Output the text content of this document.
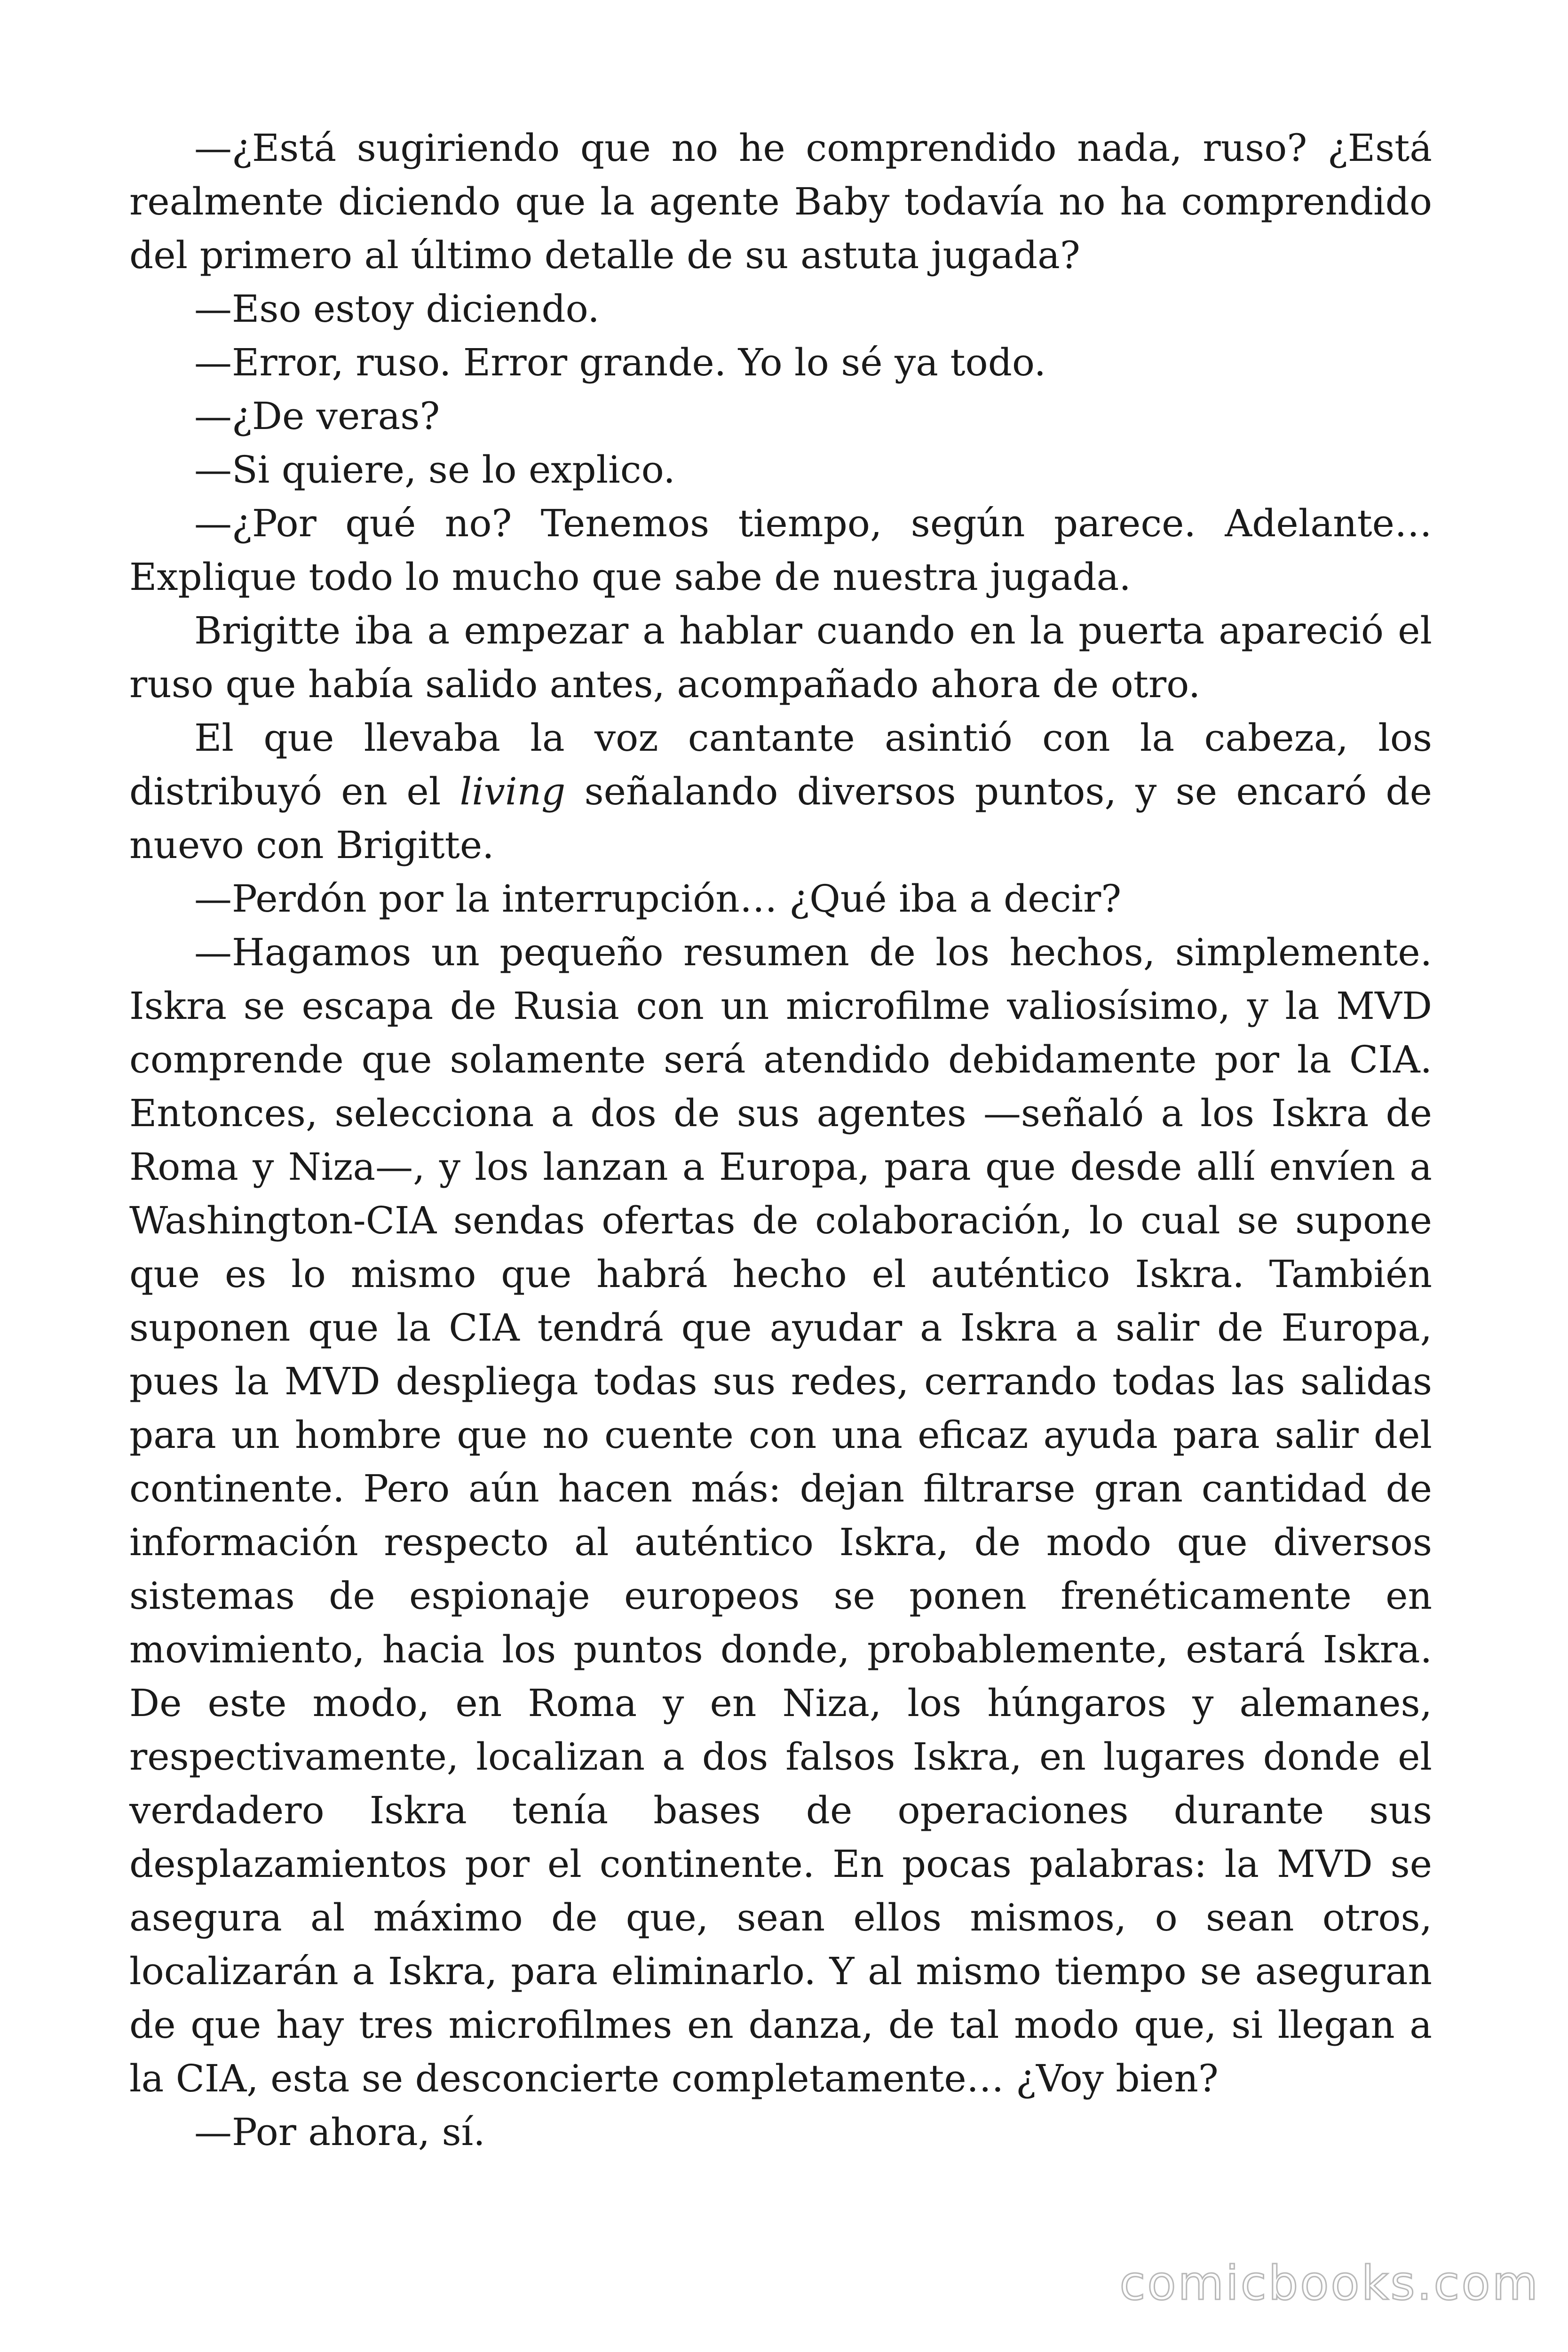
—¿Está sugiriendo que no he comprendido nada, ruso? ¿Está realmente diciendo que la agente Baby todavía no ha comprendido del primero al último detalle de su astuta jugada?

—Eso estoy diciendo.

—Error, ruso. Error grande. Yo lo sé ya todo.

—¿De veras?

—Si quiere, se lo explico.

—¿Por qué no? Tenemos tiempo, según parece. Adelante… Explique todo lo mucho que sabe de nuestra jugada.

Brigitte iba a empezar a hablar cuando en la puerta apareció el ruso que había salido antes, acompañado ahora de otro.

El que llevaba la voz cantante asintió con la cabeza, los distribuyó en el living señalando diversos puntos, y se encaró de nuevo con Brigitte.

—Perdón por la interrupción… ¿Qué iba a decir?

—Hagamos un pequeño resumen de los hechos, simplemente. Iskra se escapa de Rusia con un microfilme valiosísimo, y la MVD comprende que solamente será atendido debidamente por la CIA. Entonces, selecciona a dos de sus agentes —señaló a los Iskra de Roma y Niza—, y los lanzan a Europa, para que desde allí envíen a Washington-CIA sendas ofertas de colaboración, lo cual se supone que es lo mismo que habrá hecho el auténtico Iskra. También suponen que la CIA tendrá que ayudar a Iskra a salir de Europa, pues la MVD despliega todas sus redes, cerrando todas las salidas para un hombre que no cuente con una eficaz ayuda para salir del continente. Pero aún hacen más: dejan filtrarse gran cantidad de información respecto al auténtico Iskra, de modo que diversos sistemas de espionaje europeos se ponen frenéticamente en movimiento, hacia los puntos donde, probablemente, estará Iskra. De este modo, en Roma y en Niza, los húngaros y alemanes, respectivamente, localizan a dos falsos Iskra, en lugares donde el verdadero Iskra tenía bases de operaciones durante sus desplazamientos por el continente. En pocas palabras: la MVD se asegura al máximo de que, sean ellos mismos, o sean otros, localizarán a Iskra, para eliminarlo. Y al mismo tiempo se aseguran de que hay tres microfilmes en danza, de tal modo que, si llegan a la CIA, esta se desconcierte completamente… ¿Voy bien?

—Por ahora, sí.

comicbooks.com
